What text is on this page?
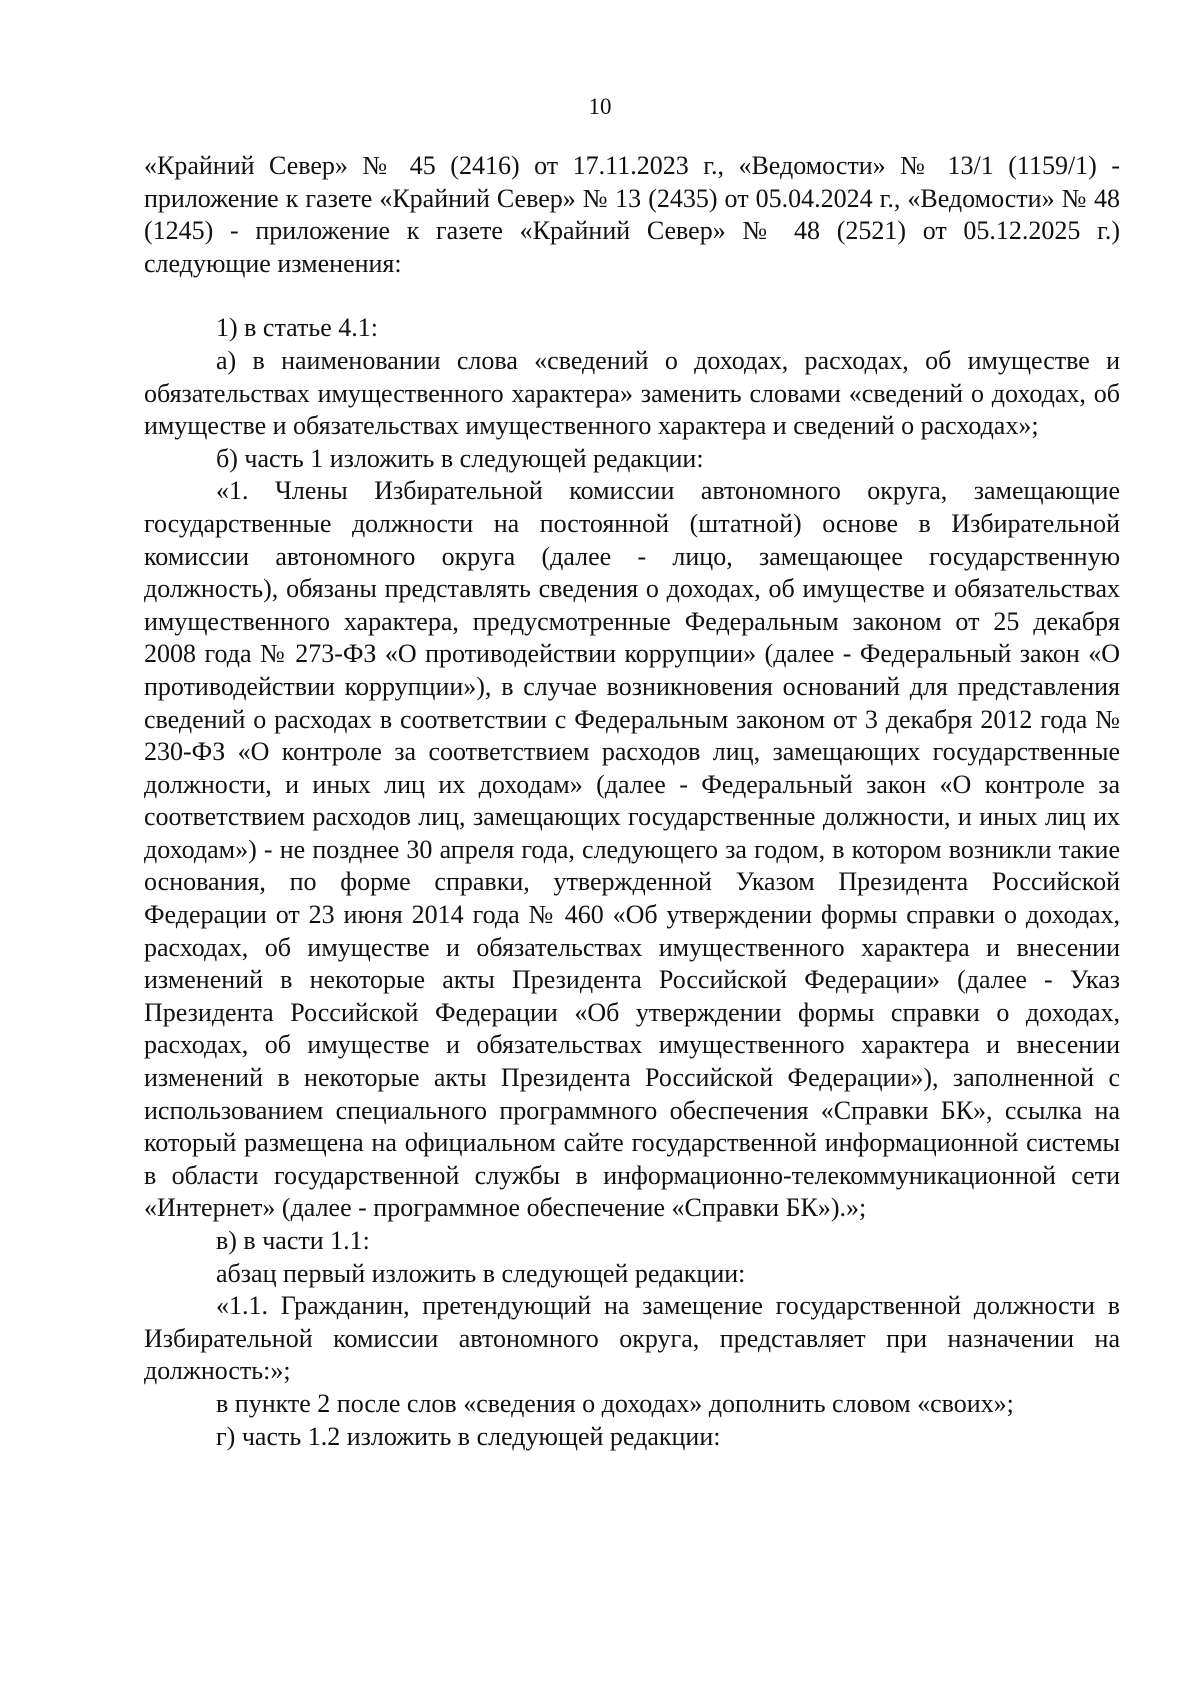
10

«Крайний Север» № 45 (2416) от 17.11.2023 г., «Ведомости» № 13/1 (1159/1) - приложение к газете «Крайний Север» № 13 (2435) от 05.04.2024 г., «Ведомости» № 48 (1245) - приложение к газете «Крайний Север» № 48 (2521) от 05.12.2025 г.) следующие изменения:

1) в статье 4.1:

а) в наименовании слова «сведений о доходах, расходах, об имуществе и обязательствах имущественного характера» заменить словами «сведений о доходах, об имуществе и обязательствах имущественного характера и сведений о расходах»;

б) часть 1 изложить в следующей редакции:

«1. Члены Избирательной комиссии автономного округа, замещающие государственные должности на постоянной (штатной) основе в Избирательной комиссии автономного округа (далее - лицо, замещающее государственную должность), обязаны представлять сведения о доходах, об имуществе и обязательствах имущественного характера, предусмотренные Федеральным законом от 25 декабря 2008 года № 273-ФЗ «О противодействии коррупции» (далее - Федеральный закон «О противодействии коррупции»), в случае возникновения оснований для представления сведений о расходах в соответствии с Федеральным законом от 3 декабря 2012 года № 230-ФЗ «О контроле за соответствием расходов лиц, замещающих государственные должности, и иных лиц их доходам» (далее - Федеральный закон «О контроле за соответствием расходов лиц, замещающих государственные должности, и иных лиц их доходам») - не позднее 30 апреля года, следующего за годом, в котором возникли такие основания, по форме справки, утвержденной Указом Президента Российской Федерации от 23 июня 2014 года № 460 «Об утверждении формы справки о доходах, расходах, об имуществе и обязательствах имущественного характера и внесении изменений в некоторые акты Президента Российской Федерации» (далее - Указ Президента Российской Федерации «Об утверждении формы справки о доходах, расходах, об имуществе и обязательствах имущественного характера и внесении изменений в некоторые акты Президента Российской Федерации»), заполненной с использованием специального программного обеспечения «Справки БК», ссылка на который размещена на официальном сайте государственной информационной системы в области государственной службы в информационно-телекоммуникационной сети «Интернет» (далее - программное обеспечение «Справки БК»).»;

в) в части 1.1:

абзац первый изложить в следующей редакции:

«1.1. Гражданин, претендующий на замещение государственной должности в Избирательной комиссии автономного округа, представляет при назначении на должность:»;

в пункте 2 после слов «сведения о доходах» дополнить словом «своих»;

г) часть 1.2 изложить в следующей редакции:
